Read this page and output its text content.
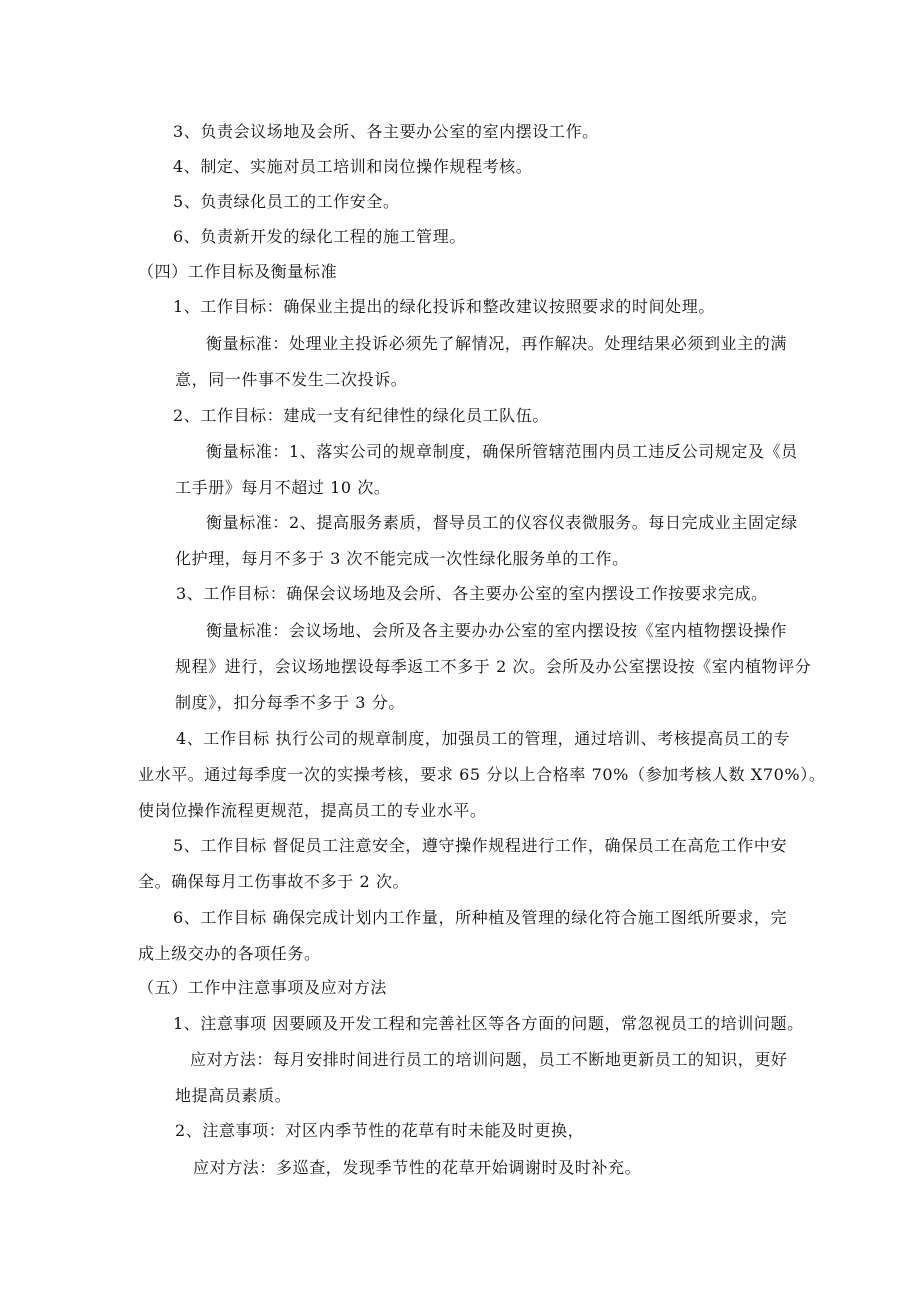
3、负责会议场地及会所、各主要办公室的室内摆设工作。
4、制定、实施对员工培训和岗位操作规程考核。
5、负责绿化员工的工作安全。
6、负责新开发的绿化工程的施工管理。
（四）工作目标及衡量标准
1、工作目标：确保业主提出的绿化投诉和整改建议按照要求的时间处理。
衡量标准：处理业主投诉必须先了解情况，再作解决。处理结果必须到业主的满
意，同一件事不发生二次投诉。
2、工作目标：建成一支有纪律性的绿化员工队伍。
衡量标准：1、落实公司的规章制度，确保所管辖范围内员工违反公司规定及《员
工手册》每月不超过 10 次。
衡量标准：2、提高服务素质，督导员工的仪容仪表微服务。每日完成业主固定绿
化护理，每月不多于 3 次不能完成一次性绿化服务单的工作。
3、工作目标：确保会议场地及会所、各主要办公室的室内摆设工作按要求完成。
衡量标准：会议场地、会所及各主要办办公室的室内摆设按《室内植物摆设操作
规程》进行，会议场地摆设每季返工不多于 2 次。会所及办公室摆设按《室内植物评分
制度》，扣分每季不多于 3 分。
4、工作目标 执行公司的规章制度，加强员工的管理，通过培训、考核提高员工的专
业水平。通过每季度一次的实操考核，要求 65 分以上合格率 70%（参加考核人数 X70%）。
使岗位操作流程更规范，提高员工的专业水平。
5、工作目标 督促员工注意安全，遵守操作规程进行工作，确保员工在高危工作中安
全。确保每月工伤事故不多于 2 次。
6、工作目标 确保完成计划内工作量，所种植及管理的绿化符合施工图纸所要求，完
成上级交办的各项任务。
（五）工作中注意事项及应对方法
1、注意事项 因要顾及开发工程和完善社区等各方面的问题，常忽视员工的培训问题。
应对方法：每月安排时间进行员工的培训问题，员工不断地更新员工的知识，更好
地提高员素质。
2、注意事项：对区内季节性的花草有时未能及时更换，
应对方法：多巡查，发现季节性的花草开始调谢时及时补充。
